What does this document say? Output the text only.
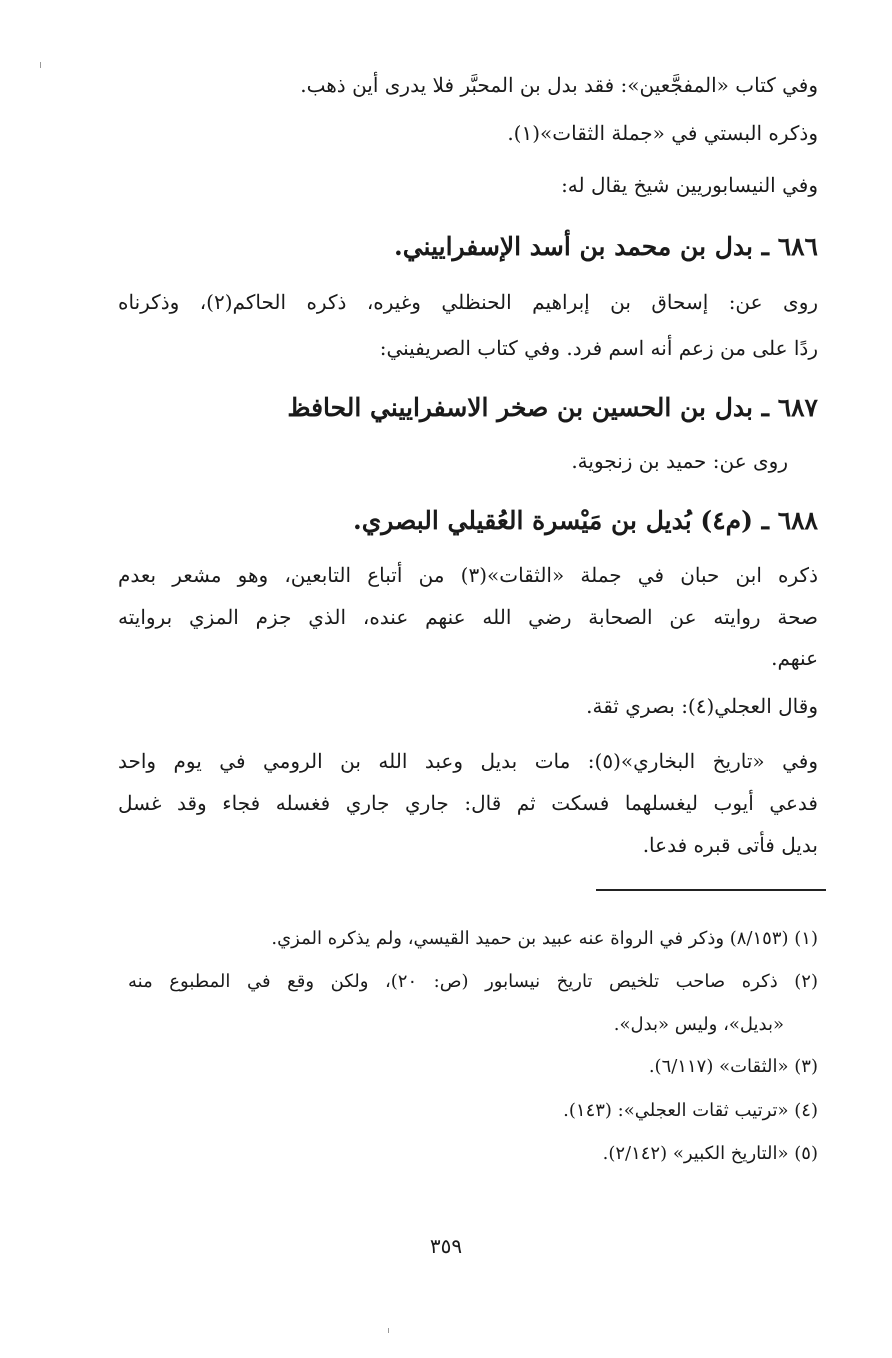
وفي كتاب «المفجَّعين»: فقد بدل بن المحبَّر فلا يدرى أين ذهب.
وذكره البستي في «جملة الثقات»(١).
وفي النيسابوريين شيخ يقال له:
٦٨٦ ـ بدل بن محمد بن أسد الإسفراييني.
روى عن: إسحاق بن إبراهيم الحنظلي وغيره، ذكره الحاكم(٢)، وذكرناه
ردًا على من زعم أنه اسم فرد. وفي كتاب الصريفيني:
٦٨٧ ـ بدل بن الحسين بن صخر الاسفراييني الحافظ
روى عن: حميد بن زنجوية.
٦٨٨ ـ (م٤) بُديل بن مَيْسرة العُقيلي البصري.
ذكره ابن حبان في جملة «الثقات»(٣) من أتباع التابعين، وهو مشعر بعدم
صحة روايته عن الصحابة رضي الله عنهم عنده، الذي جزم المزي بروايته
عنهم.
وقال العجلي(٤): بصري ثقة.
وفي «تاريخ البخاري»(٥): مات بديل وعبد الله بن الرومي في يوم واحد
فدعي أيوب ليغسلهما فسكت ثم قال: جاري جاري فغسله فجاء وقد غسل
بديل فأتى قبره فدعا.
(١) (٨/١٥٣) وذكر في الرواة عنه عبيد بن حميد القيسي، ولم يذكره المزي.
(٢) ذكره صاحب تلخيص تاريخ نيسابور (ص: ٢٠)، ولكن وقع في المطبوع منه
«بديل»، وليس «بدل».
(٣) «الثقات» (٦/١١٧).
(٤) «ترتيب ثقات العجلي»: (١٤٣).
(٥) «التاريخ الكبير» (٢/١٤٢).
٣٥٩
